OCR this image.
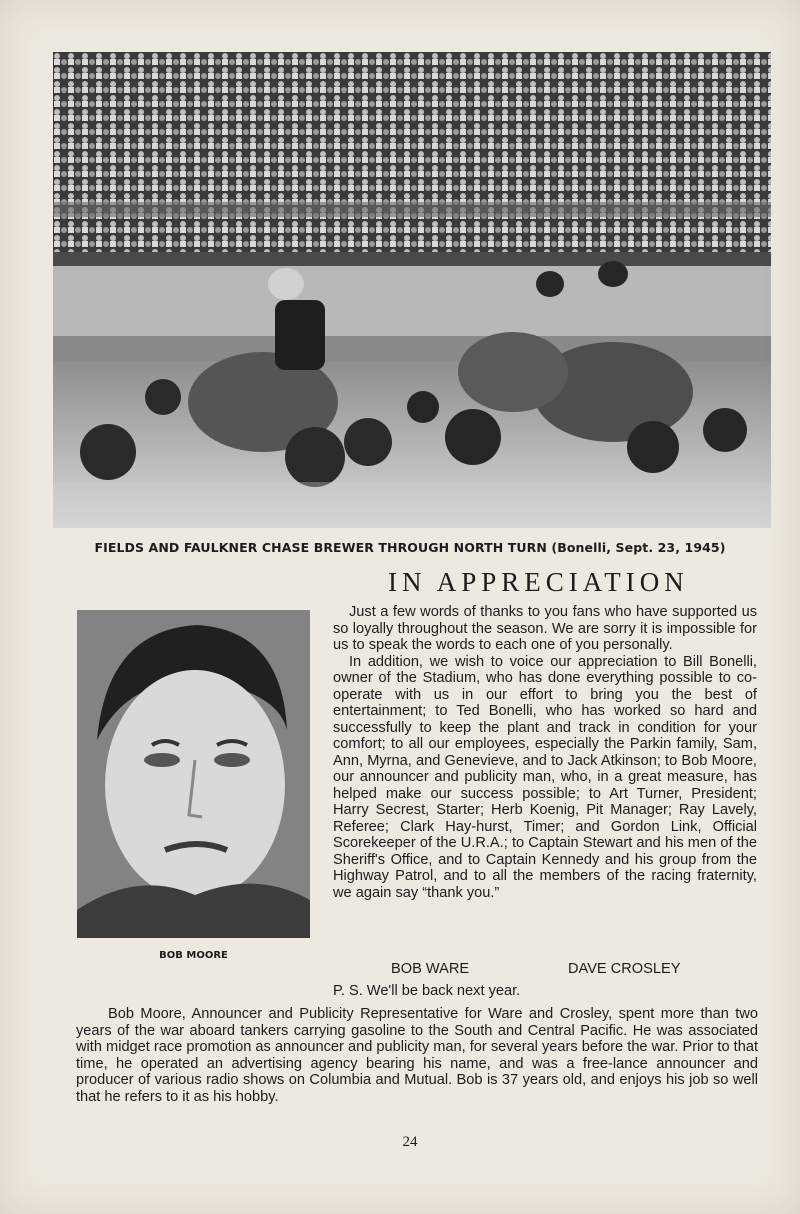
FIELDS AND FAULKNER CHASE BREWER THROUGH NORTH TURN (Bonelli, Sept. 23, 1945)
IN APPRECIATION
BOB MOORE

Just a few words of thanks to you fans who have supported us so loyally throughout the season. We are sorry it is impossible for us to speak the words to each one of you personally.

In addition, we wish to voice our appreciation to Bill Bonelli, owner of the Stadium, who has done everything possible to co-operate with us in our effort to bring you the best of entertainment; to Ted Bonelli, who has worked so hard and successfully to keep the plant and track in condition for your comfort; to all our employees, especially the Parkin family, Sam, Ann, Myrna, and Genevieve, and to Jack Atkinson; to Bob Moore, our announcer and publicity man, who, in a great measure, has helped make our success possible; to Art Turner, President; Harry Secrest, Starter; Herb Koenig, Pit Manager; Ray Lavely, Referee; Clark Hay-hurst, Timer; and Gordon Link, Official Scorekeeper of the U.R.A.; to Captain Stewart and his men of the Sheriff's Office, and to Captain Kennedy and his group from the Highway Patrol, and to all the members of the racing fraternity, we again say “thank you.”

BOB WARE	DAVE CROSLEY
P. S. We'll be back next year.
Bob Moore, Announcer and Publicity Representative for Ware and Crosley, spent more than two years of the war aboard tankers carrying gasoline to the South and Central Pacific. He was associated with midget race promotion as announcer and publicity man, for several years before the war. Prior to that time, he operated an advertising agency bearing his name, and was a free-lance announcer and producer of various radio shows on Columbia and Mutual. Bob is 37 years old, and enjoys his job so well that he refers to it as his hobby.
24
